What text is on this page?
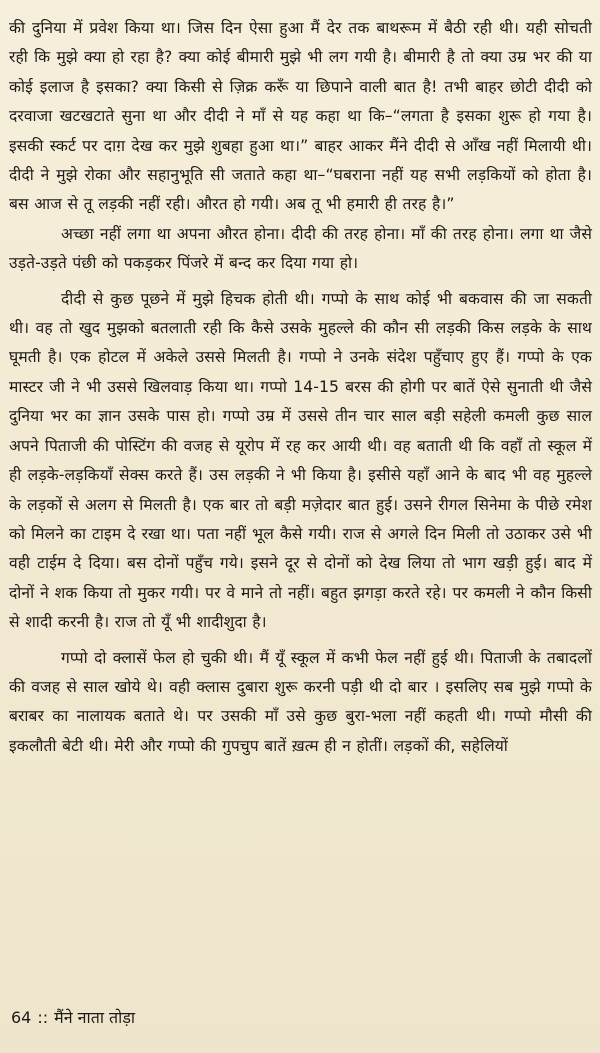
की दुनिया में प्रवेश किया था। जिस दिन ऐसा हुआ मैं देर तक बाथरूम में बैठी रही थी। यही सोचती रही कि मुझे क्या हो रहा है? क्या कोई बीमारी मुझे भी लग गयी है। बीमारी है तो क्या उम्र भर की या कोई इलाज है इसका? क्या किसी से ज़िक्र करूँ या छिपाने वाली बात है! तभी बाहर छोटी दीदी को दरवाजा खटखटाते सुना था और दीदी ने माँ से यह कहा था कि–“लगता है इसका शुरू हो गया है। इसकी स्कर्ट पर दाग़ देख कर मुझे शुबहा हुआ था।” बाहर आकर मैंने दीदी से आँख नहीं मिलायी थी। दीदी ने मुझे रोका और सहानुभूति सी जताते कहा था–“घबराना नहीं यह सभी लड़कियों को होता है। बस आज से तू लड़की नहीं रही। औरत हो गयी। अब तू भी हमारी ही तरह है।”

अच्छा नहीं लगा था अपना औरत होना। दीदी की तरह होना। माँ की तरह होना। लगा था जैसे उड़ते-उड़ते पंछी को पकड़कर पिंजरे में बन्द कर दिया गया हो।

दीदी से कुछ पूछने में मुझे हिचक होती थी। गप्पो के साथ कोई भी बकवास की जा सकती थी। वह तो खुद मुझको बतलाती रही कि कैसे उसके मुहल्ले की कौन सी लड़की किस लड़के के साथ घूमती है। एक होटल में अकेले उससे मिलती है। गप्पो ने उनके संदेश पहुँचाए हुए हैं। गप्पो के एक मास्टर जी ने भी उससे खिलवाड़ किया था। गप्पो 14-15 बरस की होगी पर बातें ऐसे सुनाती थी जैसे दुनिया भर का ज्ञान उसके पास हो। गप्पो उम्र में उससे तीन चार साल बड़ी सहेली कमली कुछ साल अपने पिताजी की पोस्टिंग की वजह से यूरोप में रह कर आयी थी। वह बताती थी कि वहाँ तो स्कूल में ही लड़के-लड़कियाँ सेक्स करते हैं। उस लड़की ने भी किया है। इसीसे यहाँ आने के बाद भी वह मुहल्ले के लड़कों से अलग से मिलती है। एक बार तो बड़ी मज़ेदार बात हुई। उसने रीगल सिनेमा के पीछे रमेश को मिलने का टाइम दे रखा था। पता नहीं भूल कैसे गयी। राज से अगले दिन मिली तो उठाकर उसे भी वही टाईम दे दिया। बस दोनों पहुँच गये। इसने दूर से दोनों को देख लिया तो भाग खड़ी हुई। बाद में दोनों ने शक किया तो मुकर गयी। पर वे माने तो नहीं। बहुत झगड़ा करते रहे। पर कमली ने कौन किसी से शादी करनी है। राज तो यूँ भी शादीशुदा है।

गप्पो दो क्लासें फेल हो चुकी थी। मैं यूँ स्कूल में कभी फेल नहीं हुई थी। पिताजी के तबादलों की वजह से साल खोये थे। वही क्लास दुबारा शुरू करनी पड़ी थी दो बार । इसलिए सब मुझे गप्पो के बराबर का नालायक बताते थे। पर उसकी माँ उसे कुछ बुरा-भला नहीं कहती थी। गप्पो मौसी की इकलौती बेटी थी। मेरी और गप्पो की गुपचुप बातें ख़त्म ही न होतीं। लड़कों की, सहेलियों

64 :: मैंने नाता तोड़ा
